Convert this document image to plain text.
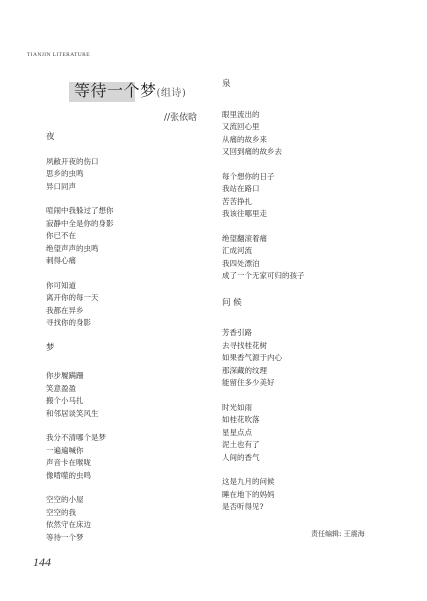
TIANJIN LITERATURE
等待一个梦(组诗)
//张依晗

夜

夙敝开夜的伤口
思乡的虫鸣
异口同声

喧闹中我躲过了想你
寂静中全是你的身影
你已不在
绝望声声的虫鸣
刺得心痛

你可知道
离开你的每一天
我都在异乡
寻找你的身影

梦

你步履蹒跚
笑意盈盈
搬个小马扎
和邻居谈笑风生

我分不清哪个是梦
一遍遍喊你
声音卡在喉咙
像啃噬的虫鸣

空空的小屋
空空的我
依然守在床边
等待一个梦

泉

眼里流出的
又流回心里
从痛的故乡来
又回到痛的故乡去

每个想你的日子
我站在路口
苦苦挣扎
我该往哪里走

绝望翻滚着痛
汇成河流
我四处漂泊
成了一个无家可归的孩子

问 候

芳香引路
去寻找桂花树
如果香气源于内心
那深藏的纹理
能留住多少美好

时光如雨
如桂花吹落
星星点点
泥土也有了
人间的香气

这是九月的问候
睡在地下的妈妈
是否听得见?

责任编辑: 王震海
144
